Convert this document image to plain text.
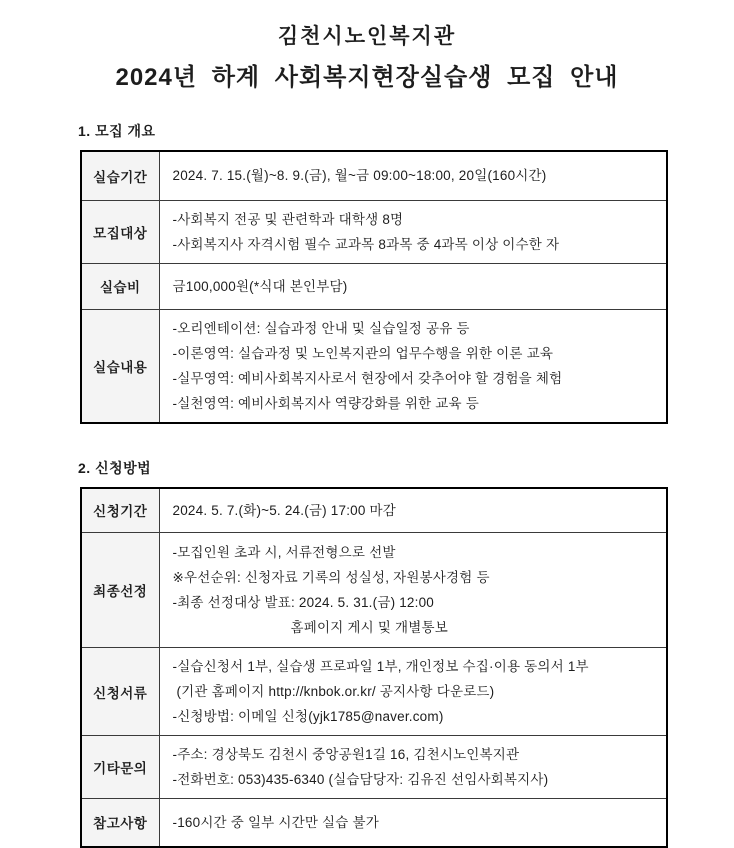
김천시노인복지관
2024년 하계 사회복지현장실습생 모집 안내
1. 모집 개요
실습기간	2024. 7. 15.(월)~8. 9.(금), 월~금 09:00~18:00, 20일(160시간)

모집대상	-사회복지 전공 및 관련학과 대학생 8명
-사회복지사 자격시험 필수 교과목 8과목 중 4과목 이상 이수한 자

실습비	금100,000원(*식대 본인부담)

실습내용	-오리엔테이션: 실습과정 안내 및 실습일정 공유 등
-이론영역: 실습과정 및 노인복지관의 업무수행을 위한 이론 교육
-실무영역: 예비사회복지사로서 현장에서 갖추어야 할 경험을 체험
-실천영역: 예비사회복지사 역량강화를 위한 교육 등
2. 신청방법
신청기간	2024. 5. 7.(화)~5. 24.(금) 17:00 마감

최종선정	-모집인원 초과 시, 서류전형으로 선발
※우선순위: 신청자료 기록의 성실성, 자원봉사경험 등
-최종 선정대상 발표: 2024. 5. 31.(금) 12:00
홈페이지 게시 및 개별통보

신청서류	-실습신청서 1부, 실습생 프로파일 1부, 개인정보 수집·이용 동의서 1부
(기관 홈페이지 http://knbok.or.kr/ 공지사항 다운로드)
-신청방법: 이메일 신청(yjk1785@naver.com)

기타문의	-주소: 경상북도 김천시 중앙공원1길 16, 김천시노인복지관
-전화번호: 053)435-6340 (실습담당자: 김유진 선임사회복지사)

참고사항	-160시간 중 일부 시간만 실습 불가
